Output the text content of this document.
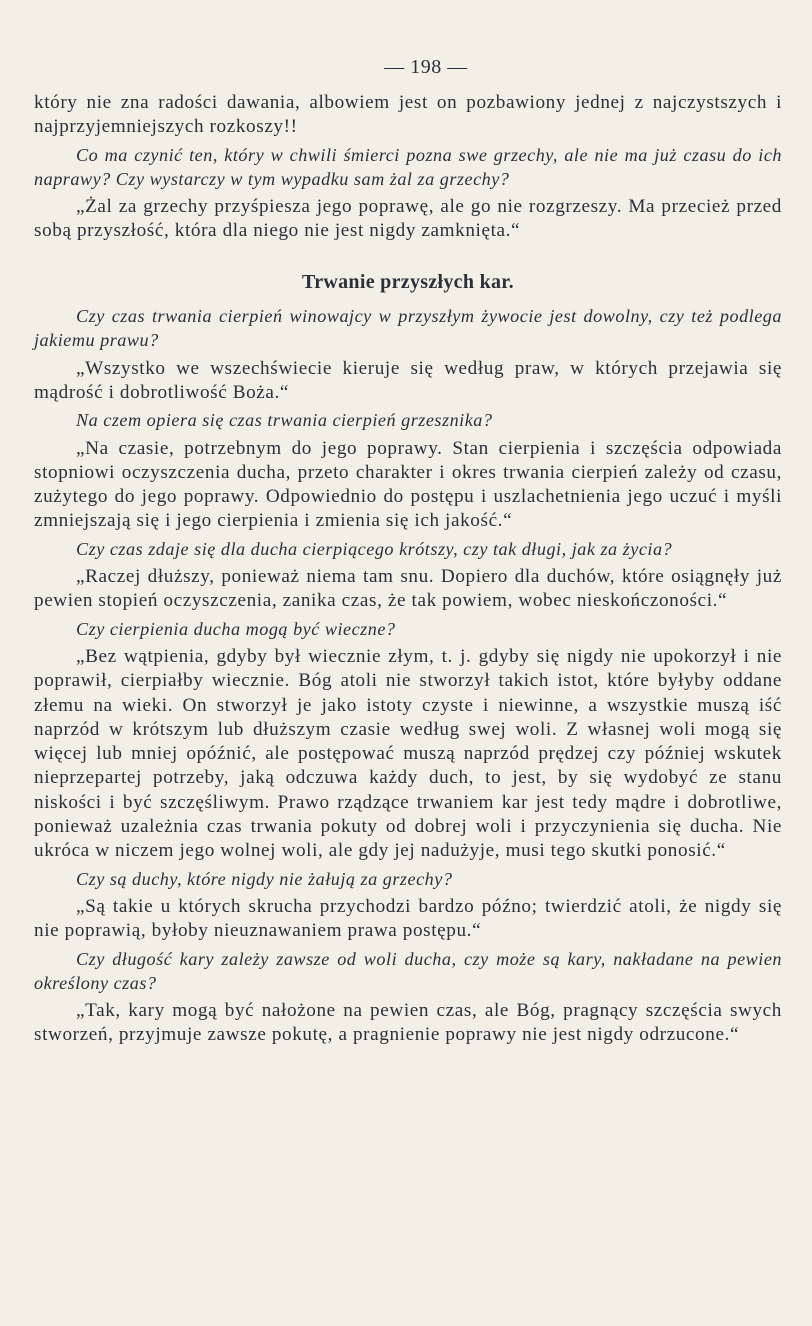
— 198 —

który nie zna radości dawania, albowiem jest on pozbawiony jednej z najczystszych i najprzyjemniejszych rozkoszy!!

Co ma czynić ten, który w chwili śmierci pozna swe grzechy, ale nie ma już czasu do ich naprawy? Czy wystarczy w tym wypadku sam żal za grzechy?

„Żal za grzechy przyśpiesza jego poprawę, ale go nie rozgrzeszy. Ma przecież przed sobą przyszłość, która dla niego nie jest nigdy zamknięta.“

Trwanie przyszłych kar.

Czy czas trwania cierpień winowajcy w przyszłym żywocie jest dowolny, czy też podlega jakiemu prawu?

„Wszystko we wszechświecie kieruje się według praw, w których przejawia się mądrość i dobrotliwość Boża.“

Na czem opiera się czas trwania cierpień grzesznika?

„Na czasie, potrzebnym do jego poprawy. Stan cierpienia i szczęścia odpowiada stopniowi oczyszczenia ducha, przeto charakter i okres trwania cierpień zależy od czasu, zużytego do jego poprawy. Odpowiednio do postępu i uszlachetnienia jego uczuć i myśli zmniejszają się i jego cierpienia i zmienia się ich jakość.“

Czy czas zdaje się dla ducha cierpiącego krótszy, czy tak długi, jak za życia?

„Raczej dłuższy, ponieważ niema tam snu. Dopiero dla duchów, które osiągnęły już pewien stopień oczyszczenia, zanika czas, że tak powiem, wobec nieskończoności.“

Czy cierpienia ducha mogą być wieczne?

„Bez wątpienia, gdyby był wiecznie złym, t. j. gdyby się nigdy nie upokorzył i nie poprawił, cierpiałby wiecznie. Bóg atoli nie stworzył takich istot, które byłyby oddane złemu na wieki. On stworzył je jako istoty czyste i niewinne, a wszystkie muszą iść naprzód w krótszym lub dłuższym czasie według swej woli. Z własnej woli mogą się więcej lub mniej opóźnić, ale postępować muszą naprzód prędzej czy później wskutek nieprzepartej potrzeby, jaką odczuwa każdy duch, to jest, by się wydobyć ze stanu niskości i być szczęśliwym. Prawo rządzące trwaniem kar jest tedy mądre i dobrotliwe, ponieważ uzależnia czas trwania pokuty od dobrej woli i przyczynienia się ducha. Nie ukróca w niczem jego wolnej woli, ale gdy jej nadużyje, musi tego skutki ponosić.“

Czy są duchy, które nigdy nie żałują za grzechy?

„Są takie u których skrucha przychodzi bardzo późno; twierdzić atoli, że nigdy się nie poprawią, byłoby nieuznawaniem prawa postępu.“

Czy długość kary zależy zawsze od woli ducha, czy może są kary, nakładane na pewien określony czas?

„Tak, kary mogą być nałożone na pewien czas, ale Bóg, pragnący szczęścia swych stworzeń, przyjmuje zawsze pokutę, a pragnienie poprawy nie jest nigdy odrzucone.“
